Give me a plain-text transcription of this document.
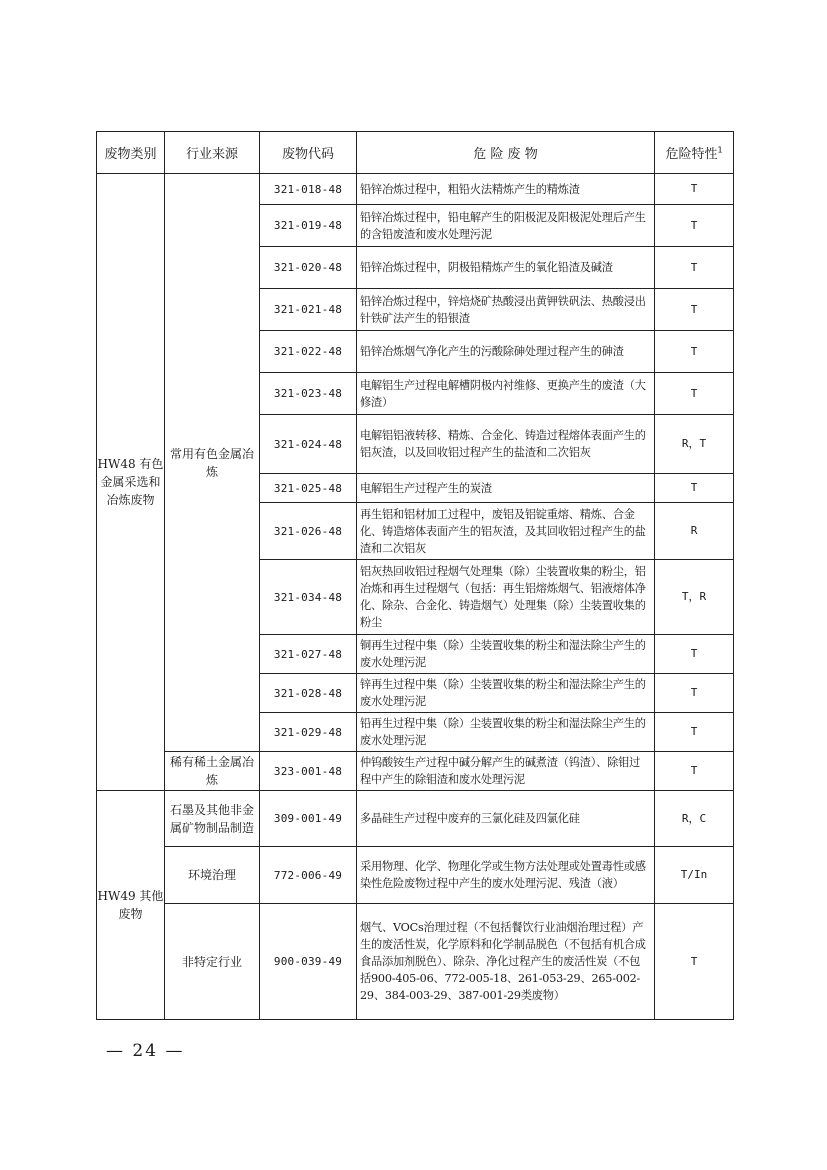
废物类别	行业来源	废物代码	危 险 废 物	危险特性$^1$
HW48 有色金属采选和冶炼废物	常用有色金属冶炼	321-018-48	铅锌冶炼过程中，粗铅火法精炼产生的精炼渣	T
		321-019-48	铅锌冶炼过程中，铅电解产生的阳极泥及阳极泥处理后产生的含铅废渣和废水处理污泥	T
		321-020-48	铅锌冶炼过程中，阴极铅精炼产生的氧化铅渣及碱渣	T
		321-021-48	铅锌冶炼过程中，锌焙烧矿热酸浸出黄钾铁矾法、热酸浸出针铁矿法产生的铅银渣	T
		321-022-48	铅锌冶炼烟气净化产生的污酸除砷处理过程产生的砷渣	T
		321-023-48	电解铝生产过程电解槽阴极内衬维修、更换产生的废渣（大修渣）	T
		321-024-48	电解铝铝液转移、精炼、合金化、铸造过程熔体表面产生的铝灰渣，以及回收铝过程产生的盐渣和二次铝灰	R，T
		321-025-48	电解铝生产过程产生的炭渣	T
		321-026-48	再生铝和铝材加工过程中，废铝及铝锭重熔、精炼、合金化、铸造熔体表面产生的铝灰渣，及其回收铝过程产生的盐渣和二次铝灰	R
		321-034-48	铝灰热回收铝过程烟气处理集（除）尘装置收集的粉尘，铝冶炼和再生过程烟气（包括：再生铝熔炼烟气、铝液熔体净化、除杂、合金化、铸造烟气）处理集（除）尘装置收集的粉尘	T，R
		321-027-48	铜再生过程中集（除）尘装置收集的粉尘和湿法除尘产生的废水处理污泥	T
		321-028-48	锌再生过程中集（除）尘装置收集的粉尘和湿法除尘产生的废水处理污泥	T
		321-029-48	铅再生过程中集（除）尘装置收集的粉尘和湿法除尘产生的废水处理污泥	T
	稀有稀土金属冶炼	323-001-48	仲钨酸铵生产过程中碱分解产生的碱煮渣（钨渣）、除钼过程中产生的除钼渣和废水处理污泥	T
HW49 其他废物	石墨及其他非金属矿物制品制造	309-001-49	多晶硅生产过程中废弃的三氯化硅及四氯化硅	R，C
	环境治理	772-006-49	采用物理、化学、物理化学或生物方法处理或处置毒性或感染性危险废物过程中产生的废水处理污泥、残渣（液）	T/In
	非特定行业	900-039-49	烟气、VOCs治理过程（不包括餐饮行业油烟治理过程）产生的废活性炭，化学原料和化学制品脱色（不包括有机合成食品添加剂脱色）、除杂、净化过程产生的废活性炭（不包括900-405-06、772-005-18、261-053-29、265-002-29、384-003-29、387-001-29类废物）	T
— 24 —
